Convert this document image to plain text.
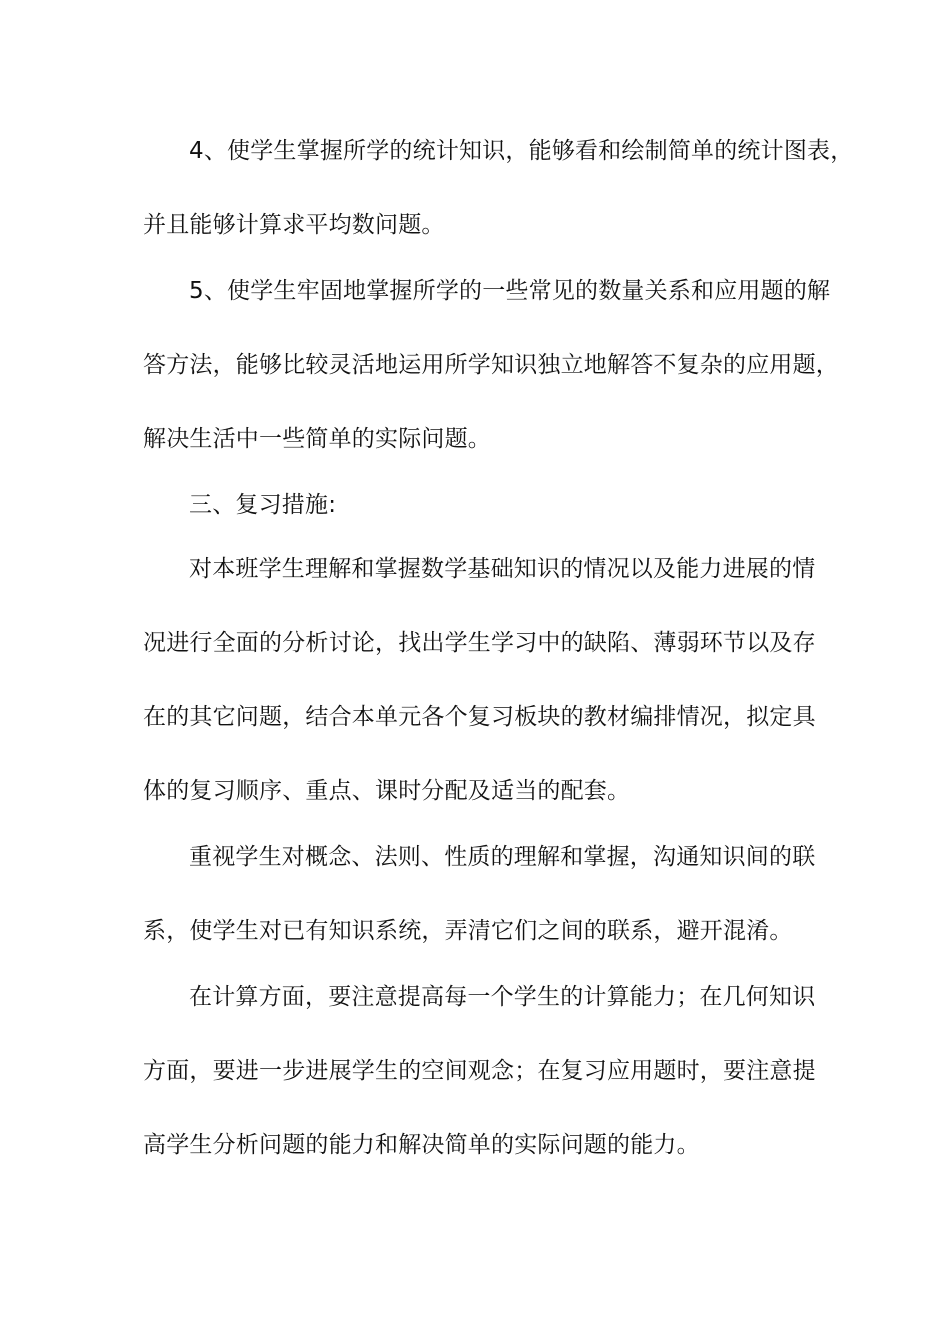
4、使学生掌握所学的统计知识，能够看和绘制简单的统计图表，
并且能够计算求平均数问题。
5、使学生牢固地掌握所学的一些常见的数量关系和应用题的解
答方法，能够比较灵活地运用所学知识独立地解答不复杂的应用题，
解决生活中一些简单的实际问题。
三、复习措施:
对本班学生理解和掌握数学基础知识的情况以及能力进展的情
况进行全面的分析讨论，找出学生学习中的缺陷、薄弱环节以及存
在的其它问题，结合本单元各个复习板块的教材编排情况，拟定具
体的复习顺序、重点、课时分配及适当的配套。
重视学生对概念、法则、性质的理解和掌握，沟通知识间的联
系，使学生对已有知识系统，弄清它们之间的联系，避开混淆。
在计算方面，要注意提高每一个学生的计算能力；在几何知识
方面，要进一步进展学生的空间观念；在复习应用题时，要注意提
高学生分析问题的能力和解决简单的实际问题的能力。
